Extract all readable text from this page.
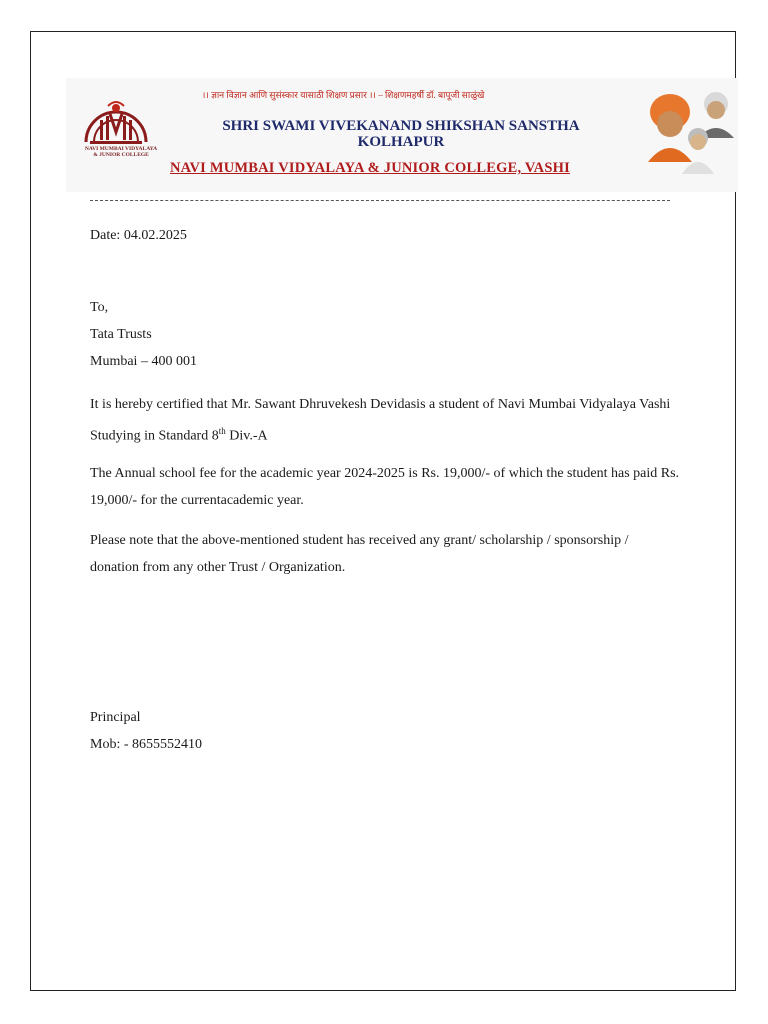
NAVI MUMBAI VIDYALAYA
& JUNIOR COLLEGE
।। ज्ञान विज्ञान आणि सुसंस्कार यासाठी शिक्षण प्रसार ।। – शिक्षणमहर्षी डॉ. बापूजी साळुंखे
SHRI SWAMI VIVEKANAND SHIKSHAN SANSTHA
KOLHAPUR
NAVI MUMBAI VIDYALAYA & JUNIOR COLLEGE, VASHI
Date: 04.02.2025
To,
Tata Trusts
Mumbai – 400 001
It is hereby certified that Mr. Sawant Dhruvekesh Devidasis a student of Navi Mumbai Vidyalaya Vashi Studying in Standard 8th Div.-A
The Annual school fee for the academic year 2024-2025 is Rs. 19,000/- of which the student has paid Rs. 19,000/- for the currentacademic year.
Please note that the above-mentioned student has received any grant/ scholarship / sponsorship / donation from any other Trust / Organization.
Principal
Mob: - 8655552410
